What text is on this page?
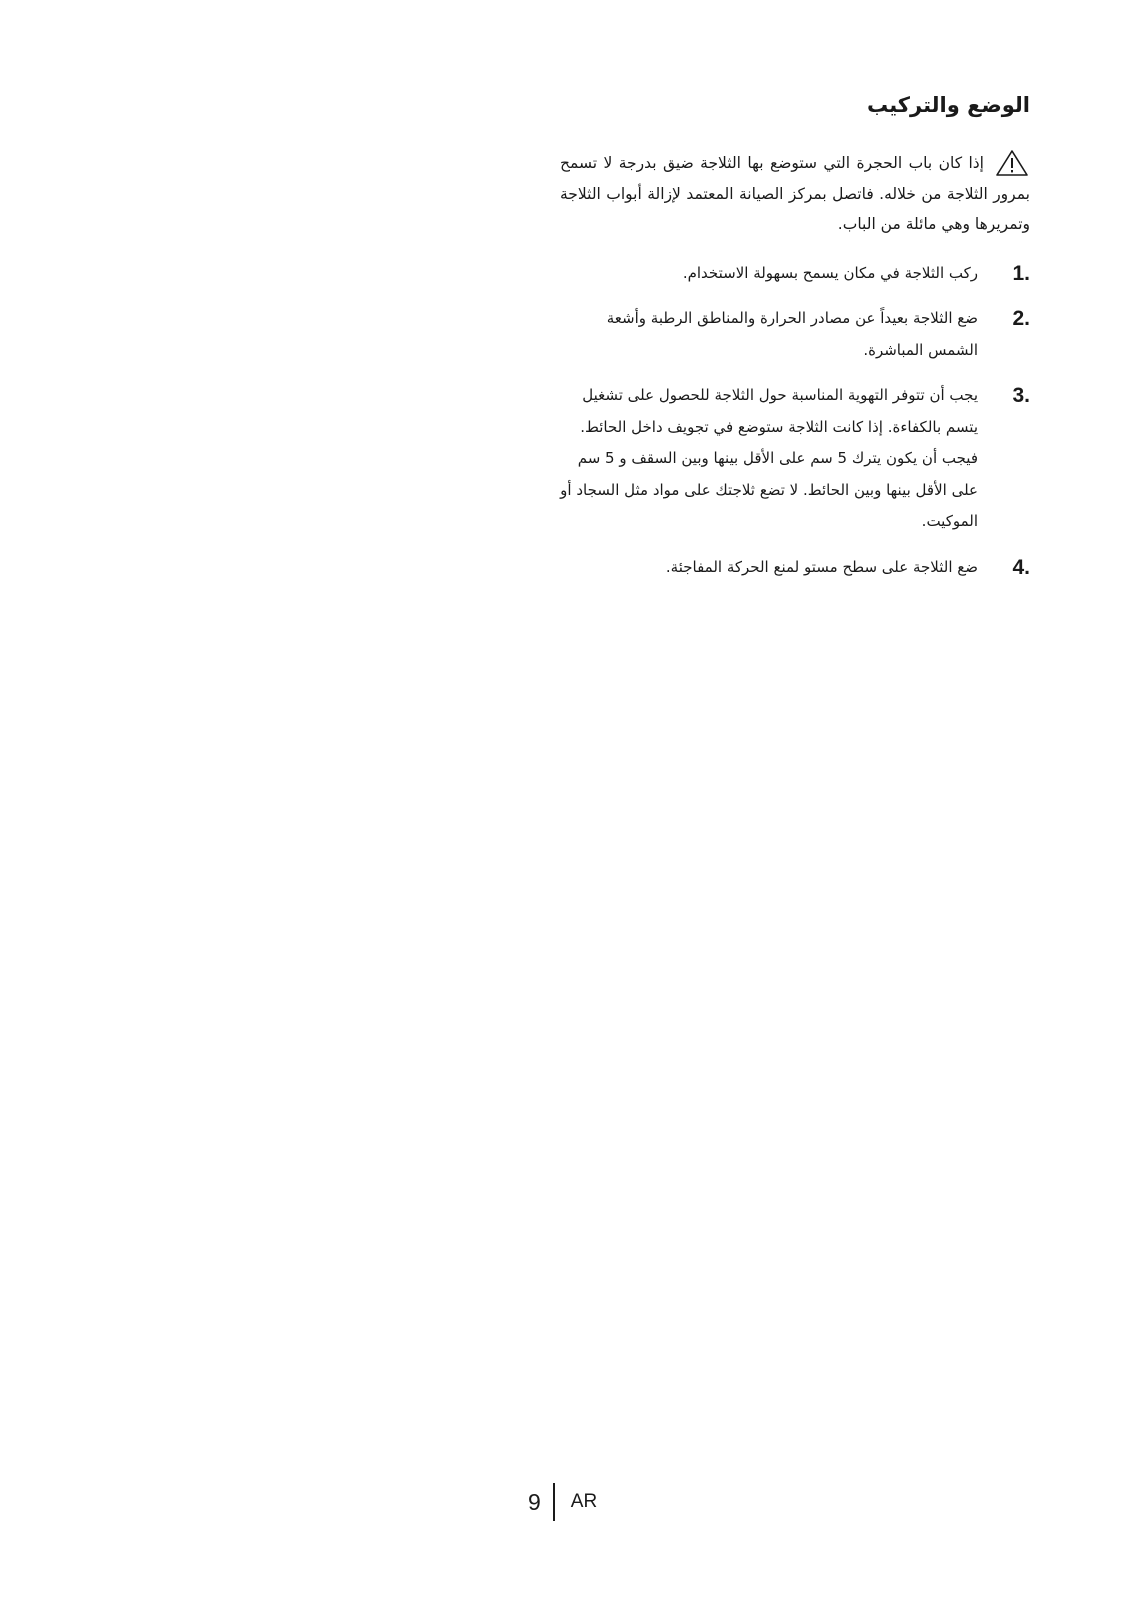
الوضع والتركيب
إذا كان باب الحجرة التي ستوضع بها الثلاجة ضيق بدرجة لا تسمح بمرور الثلاجة من خلاله. فاتصل بمركز الصيانة المعتمد لإزالة أبواب الثلاجة وتمريرها وهي مائلة من الباب.
1.
ركب الثلاجة في مكان يسمح بسهولة الاستخدام.
2.
ضع الثلاجة بعيداً عن مصادر الحرارة والمناطق الرطبة وأشعة الشمس المباشرة.
3.
يجب أن تتوفر التهوية المناسبة حول الثلاجة للحصول على تشغيل يتسم بالكفاءة. إذا كانت الثلاجة ستوضع في تجويف داخل الحائط. فيجب أن يكون يترك 5 سم على الأقل بينها وبين السقف و 5 سم على الأقل بينها وبين الحائط. لا تضع ثلاجتك على مواد مثل السجاد أو الموكيت.
4.
ضع الثلاجة على سطح مستو لمنع الحركة المفاجئة.
9 AR
